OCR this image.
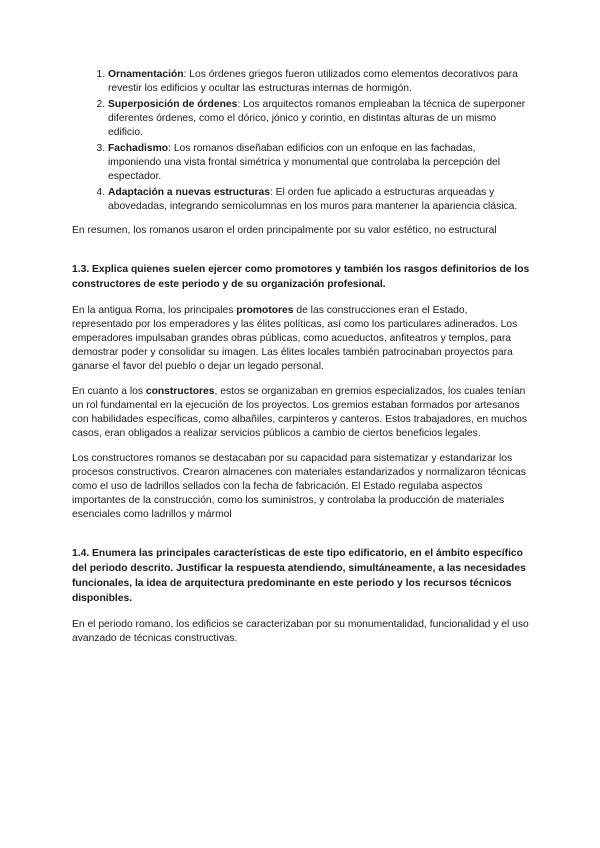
1. Ornamentación: Los órdenes griegos fueron utilizados como elementos decorativos para revestir los edificios y ocultar las estructuras internas de hormigón.
2. Superposición de órdenes: Los arquitectos romanos empleaban la técnica de superponer diferentes órdenes, como el dórico, jónico y corintio, en distintas alturas de un mismo edificio.
3. Fachadismo: Los romanos diseñaban edificios con un enfoque en las fachadas, imponiendo una vista frontal simétrica y monumental que controlaba la percepción del espectador.
4. Adaptación a nuevas estructuras: El orden fue aplicado a estructuras arqueadas y abovedadas, integrando semicolumnas en los muros para mantener la apariencia clásica.

En resumen, los romanos usaron el orden principalmente por su valor estético, no estructural

1.3. Explica quienes suelen ejercer como promotores y también los rasgos definitorios de los constructores de este periodo y de su organización profesional.

En la antigua Roma, los principales promotores de las construcciones eran el Estado, representado por los emperadores y las élites políticas, así como los particulares adinerados. Los emperadores impulsaban grandes obras públicas, como acueductos, anfiteatros y templos, para demostrar poder y consolidar su imagen. Las élites locales también patrocinaban proyectos para ganarse el favor del pueblo o dejar un legado personal.

En cuanto a los constructores, estos se organizaban en gremios especializados, los cuales tenían un rol fundamental en la ejecución de los proyectos. Los gremios estaban formados por artesanos con habilidades específicas, como albañiles, carpinteros y canteros. Estos trabajadores, en muchos casos, eran obligados a realizar servicios públicos a cambio de ciertos beneficios legales.

Los constructores romanos se destacaban por su capacidad para sistematizar y estandarizar los procesos constructivos. Crearon almacenes con materiales estandarizados y normalizaron técnicas como el uso de ladrillos sellados con la fecha de fabricación. El Estado regulaba aspectos importantes de la construcción, como los suministros, y controlaba la producción de materiales esenciales como ladrillos y mármol

1.4. Enumera las principales características de este tipo edificatorio, en el ámbito específico del periodo descrito. Justificar la respuesta atendiendo, simultáneamente, a las necesidades funcionales, la idea de arquitectura predominante en este periodo y los recursos técnicos disponibles.

En el periodo romano, los edificios se caracterizaban por su monumentalidad, funcionalidad y el uso avanzado de técnicas constructivas.
